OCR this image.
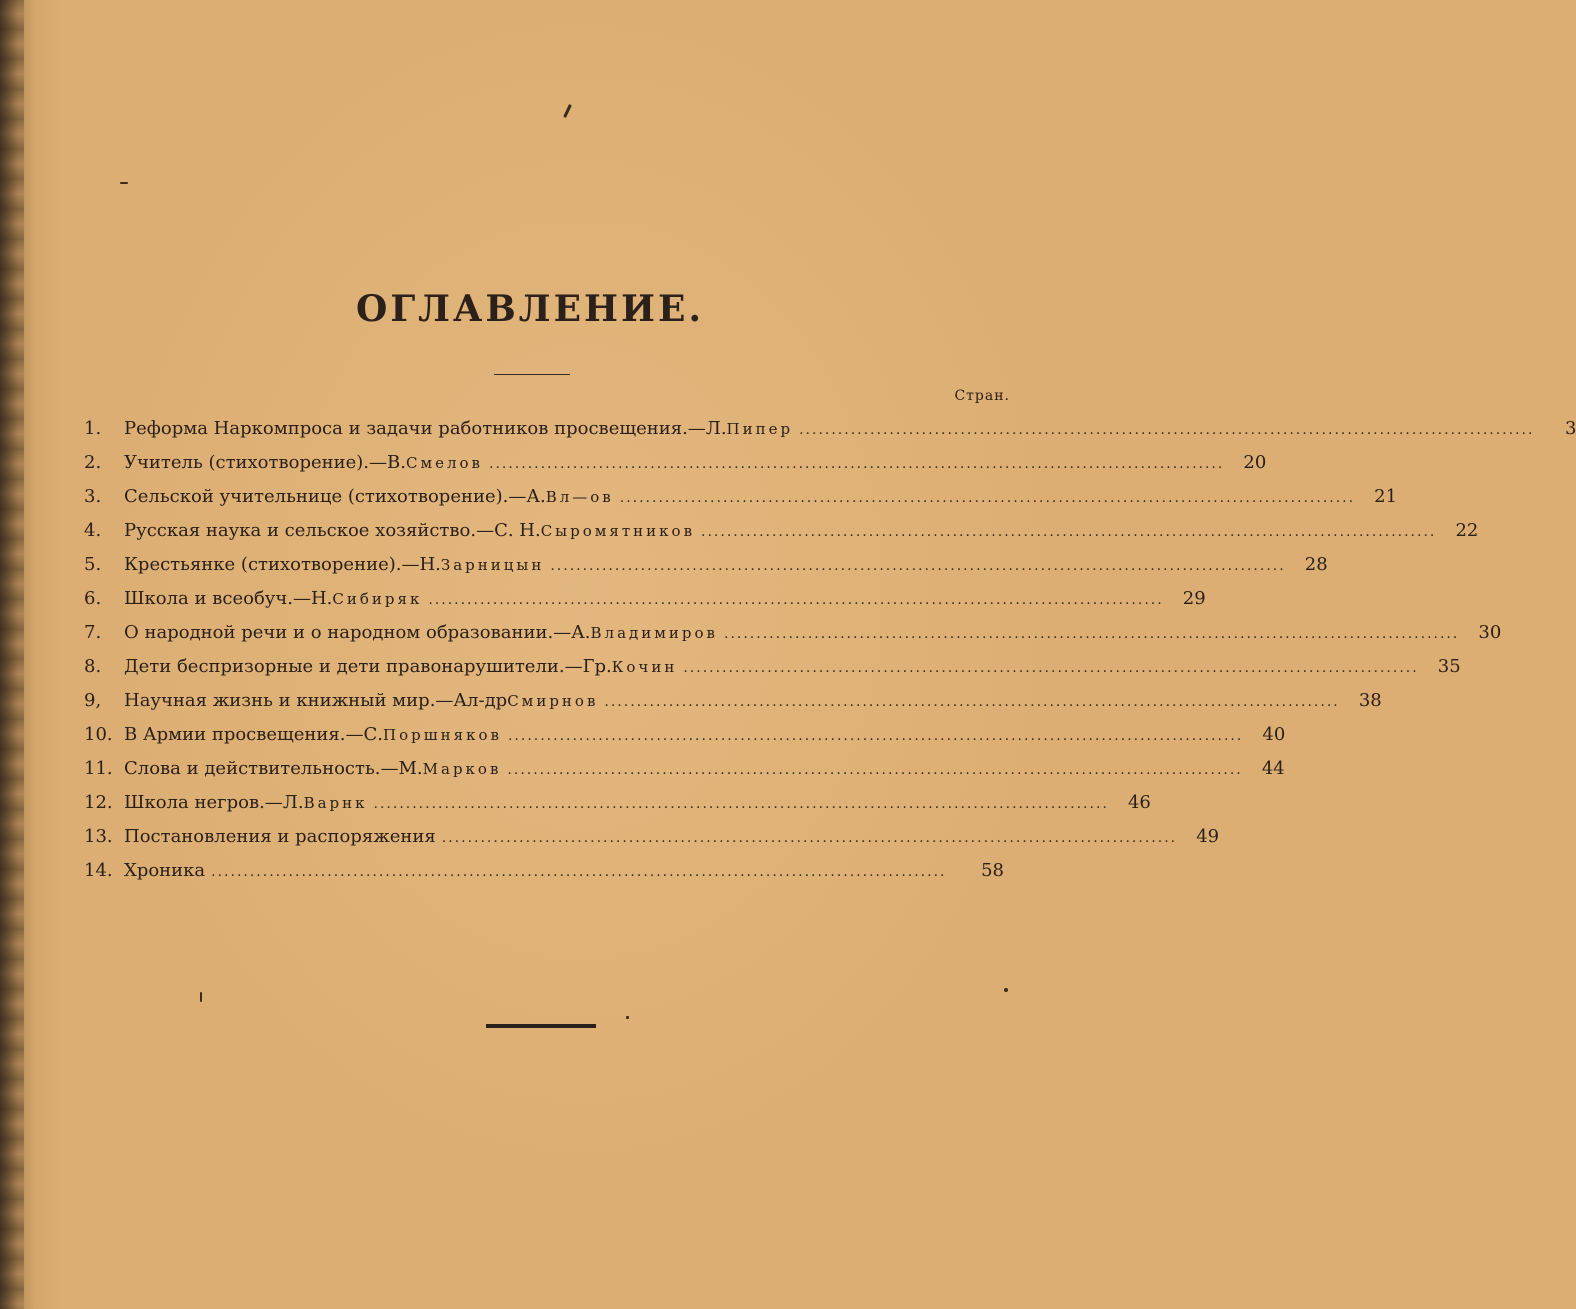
ОГЛАВЛЕНИЕ.
Стран.
1.	Реформа Наркомпроса и задачи работников просвещения.—Л. Пипер ..................................................................................................................	3
2.	Учитель (стихотворение).—В. Смелов ..................................................................................................................	20
3.	Сельской учительнице (стихотворение).—А. Вл—ов ..................................................................................................................	21
4.	Русская наука и сельское хозяйство.—С. Н. Сыромятников ..................................................................................................................	22
5.	Крестьянке (стихотворение).—Н. Зарницын ..................................................................................................................	28
6.	Школа и всеобуч.—Н. Сибиряк ..................................................................................................................	29
7.	О народной речи и о народном образовании.—А. Владимиров ..................................................................................................................	30
8.	Дети беспризорные и дети правонарушители.—Гр. Кочин ..................................................................................................................	35
9,	Научная жизнь и книжный мир.—Ал-др Смирнов ..................................................................................................................	38
10. В Армии просвещения.—С. Поршняков ..................................................................................................................	40
11. Слова и действительность.—М. Марков ..................................................................................................................	44
12. Школа негров.—Л. Варнк ..................................................................................................................	46
13. Постановления и распоряжения ..................................................................................................................	49
14. Хроника ..................................................................................................................	58
